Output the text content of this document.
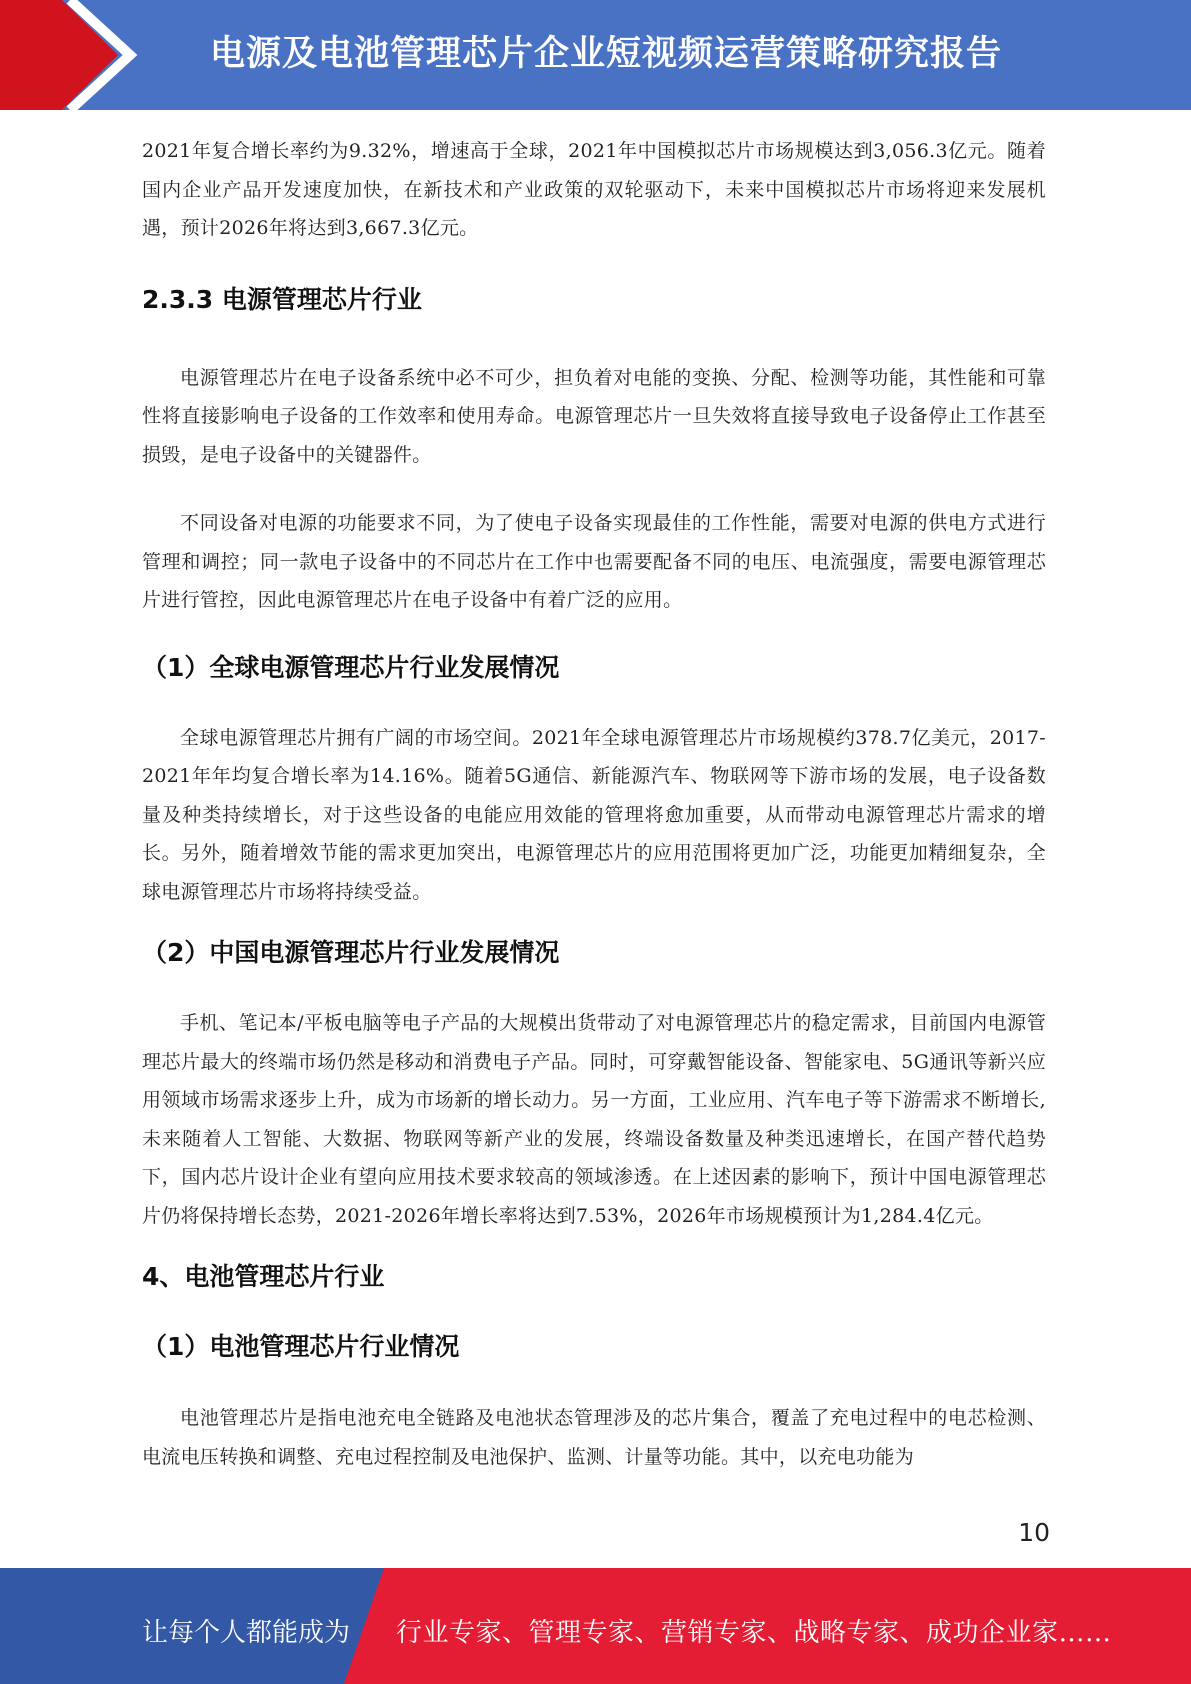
电源及电池管理芯片企业短视频运营策略研究报告

2021年复合增长率约为9.32%，增速高于全球，2021年中国模拟芯片市场规模达到3,056.3亿元。随着国内企业产品开发速度加快，在新技术和产业政策的双轮驱动下，未来中国模拟芯片市场将迎来发展机遇，预计2026年将达到3,667.3亿元。

2.3.3 电源管理芯片行业

电源管理芯片在电子设备系统中必不可少，担负着对电能的变换、分配、检测等功能，其性能和可靠性将直接影响电子设备的工作效率和使用寿命。电源管理芯片一旦失效将直接导致电子设备停止工作甚至损毁，是电子设备中的关键器件。

不同设备对电源的功能要求不同，为了使电子设备实现最佳的工作性能，需要对电源的供电方式进行管理和调控；同一款电子设备中的不同芯片在工作中也需要配备不同的电压、电流强度，需要电源管理芯片进行管控，因此电源管理芯片在电子设备中有着广泛的应用。

（1）全球电源管理芯片行业发展情况

全球电源管理芯片拥有广阔的市场空间。2021年全球电源管理芯片市场规模约378.7亿美元，2017-2021年年均复合增长率为14.16%。随着5G通信、新能源汽车、物联网等下游市场的发展，电子设备数量及种类持续增长，对于这些设备的电能应用效能的管理将愈加重要，从而带动电源管理芯片需求的增长。另外，随着增效节能的需求更加突出，电源管理芯片的应用范围将更加广泛，功能更加精细复杂，全球电源管理芯片市场将持续受益。

（2）中国电源管理芯片行业发展情况

手机、笔记本/平板电脑等电子产品的大规模出货带动了对电源管理芯片的稳定需求，目前国内电源管理芯片最大的终端市场仍然是移动和消费电子产品。同时，可穿戴智能设备、智能家电、5G通讯等新兴应用领域市场需求逐步上升，成为市场新的增长动力。另一方面，工业应用、汽车电子等下游需求不断增长,未来随着人工智能、大数据、物联网等新产业的发展，终端设备数量及种类迅速增长，在国产替代趋势下，国内芯片设计企业有望向应用技术要求较高的领域渗透。在上述因素的影响下，预计中国电源管理芯片仍将保持增长态势，2021-2026年增长率将达到7.53%，2026年市场规模预计为1,284.4亿元。

4、电池管理芯片行业
（1）电池管理芯片行业情况

电池管理芯片是指电池充电全链路及电池状态管理涉及的芯片集合，覆盖了充电过程中的电芯检测、电流电压转换和调整、充电过程控制及电池保护、监测、计量等功能。其中，以充电功能为

10
让每个人都能成为 行业专家、管理专家、营销专家、战略专家、成功企业家……
